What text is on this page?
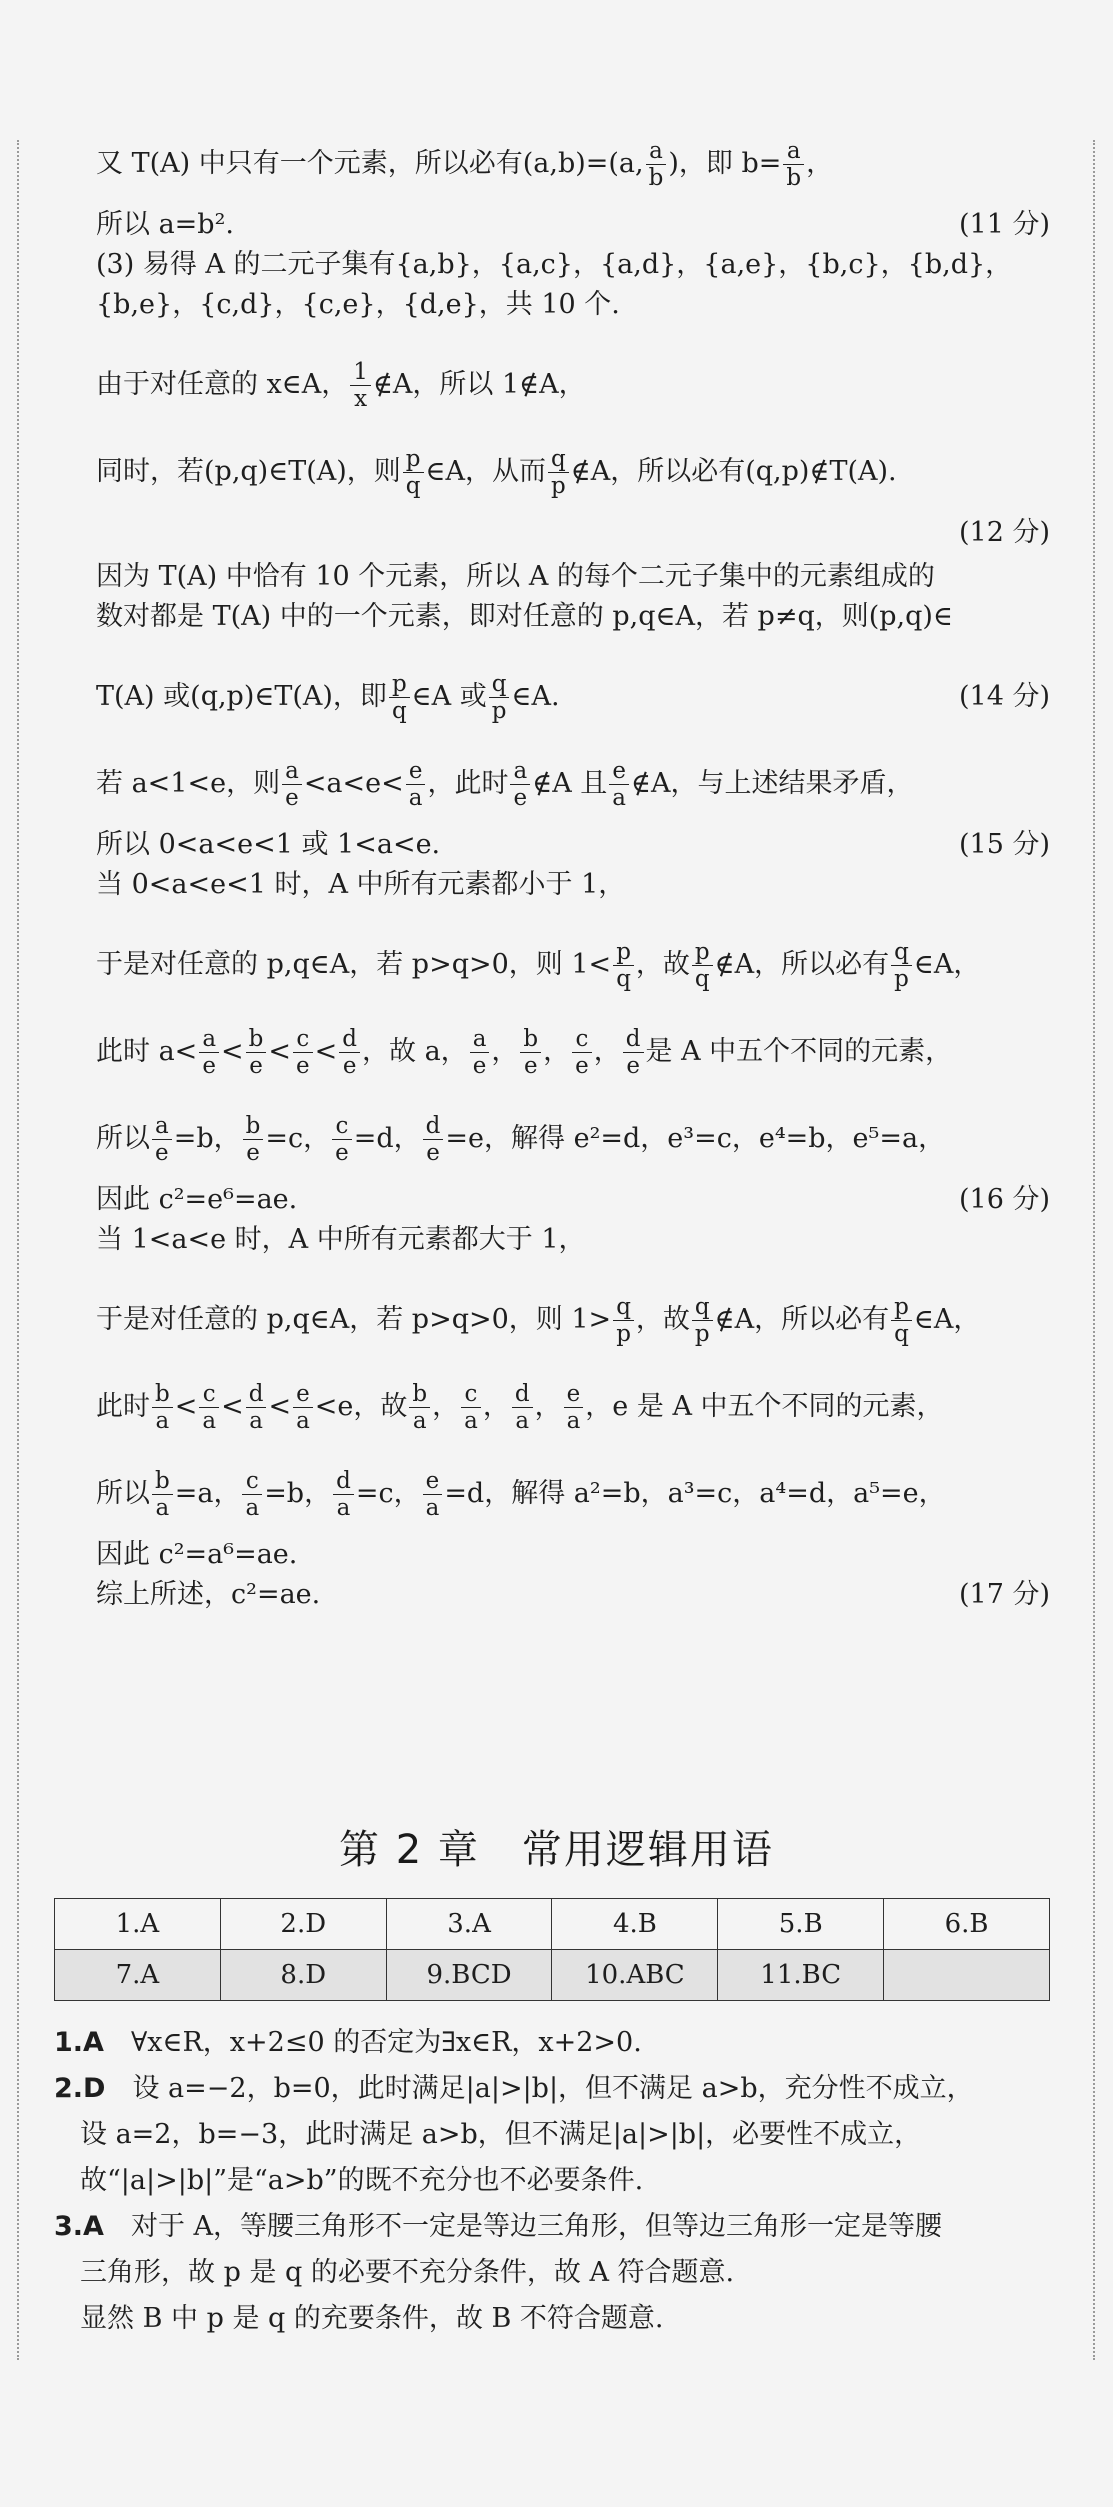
又 T(A) 中只有一个元素，所以必有(a,b)=(a, $\frac{a}{b}$ )，即 $b= \frac{a}{b}$ ，
所以 a=b².	(11 分)
(3) 易得 A 的二元子集有{a,b}，{a,c}，{a,d}，{a,e}，{b,c}，{b,d}，
{b,e}，{c,d}，{c,e}，{d,e}，共 10 个.
由于对任意的 x∈A， $\frac{1}{x}$ ∉A，所以 1∉A，
同时，若(p,q)∈T(A)，则 $\frac{p}{q}$ ∈A，从而 $\frac{q}{p}$ ∉A，所以必有(q,p)∉T(A).
(12 分)
因为 T(A) 中恰有 10 个元素，所以 A 的每个二元子集中的元素组成的
数对都是 T(A) 中的一个元素，即对任意的 p,q∈A，若 p≠q，则(p,q)∈
T(A) 或(q,p)∈T(A)，即 $\frac{p}{q}$ ∈A 或 $\frac{q}{p}$ ∈A.	(14 分)
若 a<1<e，则 $\frac{a}{e} <a<e< \frac{e}{a}$ ，此时 $\frac{a}{e}$ ∉A 且 $\frac{e}{a}$ ∉A，与上述结果矛盾，
所以 0<a<e<1 或 1<a<e.	(15 分)
当 0<a<e<1 时，A 中所有元素都小于 1，
于是对任意的 p,q∈A，若 p>q>0，则 $1< \frac{p}{q}$ ，故 $\frac{p}{q}$ ∉A，所以必有 $\frac{q}{p}$ ∈A，
此时 $a< \frac{a}{e} < \frac{b}{e} < \frac{c}{e} < \frac{d}{e}$ ，故 a， $\frac{a}{e}$ ， $\frac{b}{e}$ ， $\frac{c}{e}$ ， $\frac{d}{e}$ 是 A 中五个不同的元素，
所以 $\frac{a}{e} =b$， $\frac{b}{e} =c$， $\frac{c}{e} =d$， $\frac{d}{e} =e$，解得 e²=d，e³=c，e⁴=b，e⁵=a，
因此 c²=e⁶=ae.	(16 分)
当 1<a<e 时，A 中所有元素都大于 1，
于是对任意的 p,q∈A，若 p>q>0，则 $1> \frac{q}{p}$ ，故 $\frac{q}{p}$ ∉A，所以必有 $\frac{p}{q}$ ∈A，
此时 $\frac{b}{a} < \frac{c}{a} < \frac{d}{a} < \frac{e}{a} <e$，故 $\frac{b}{a}$ ， $\frac{c}{a}$ ， $\frac{d}{a}$ ， $\frac{e}{a}$ ，e 是 A 中五个不同的元素，
所以 $\frac{b}{a} =a$， $\frac{c}{a} =b$， $\frac{d}{a} =c$， $\frac{e}{a} =d$，解得 a²=b，a³=c，a⁴=d，a⁵=e，
因此 c²=a⁶=ae.
综上所述，c²=ae.	(17 分)
第 2 章　常用逻辑用语
1.A	2.D	3.A	4.B	5.B	6.B
7.A	8.D	9.BCD	10.ABC	11.BC	
1.A　∀x∈R，x+2≤0 的否定为∃x∈R，x+2>0.
2.D　设 a=−2，b=0，此时满足|a|>|b|，但不满足 a>b，充分性不成立，
设 a=2，b=−3，此时满足 a>b，但不满足|a|>|b|，必要性不成立，
故“|a|>|b|”是“a>b”的既不充分也不必要条件.
3.A　对于 A，等腰三角形不一定是等边三角形，但等边三角形一定是等腰
三角形，故 p 是 q 的必要不充分条件，故 A 符合题意.
显然 B 中 p 是 q 的充要条件，故 B 不符合题意.
